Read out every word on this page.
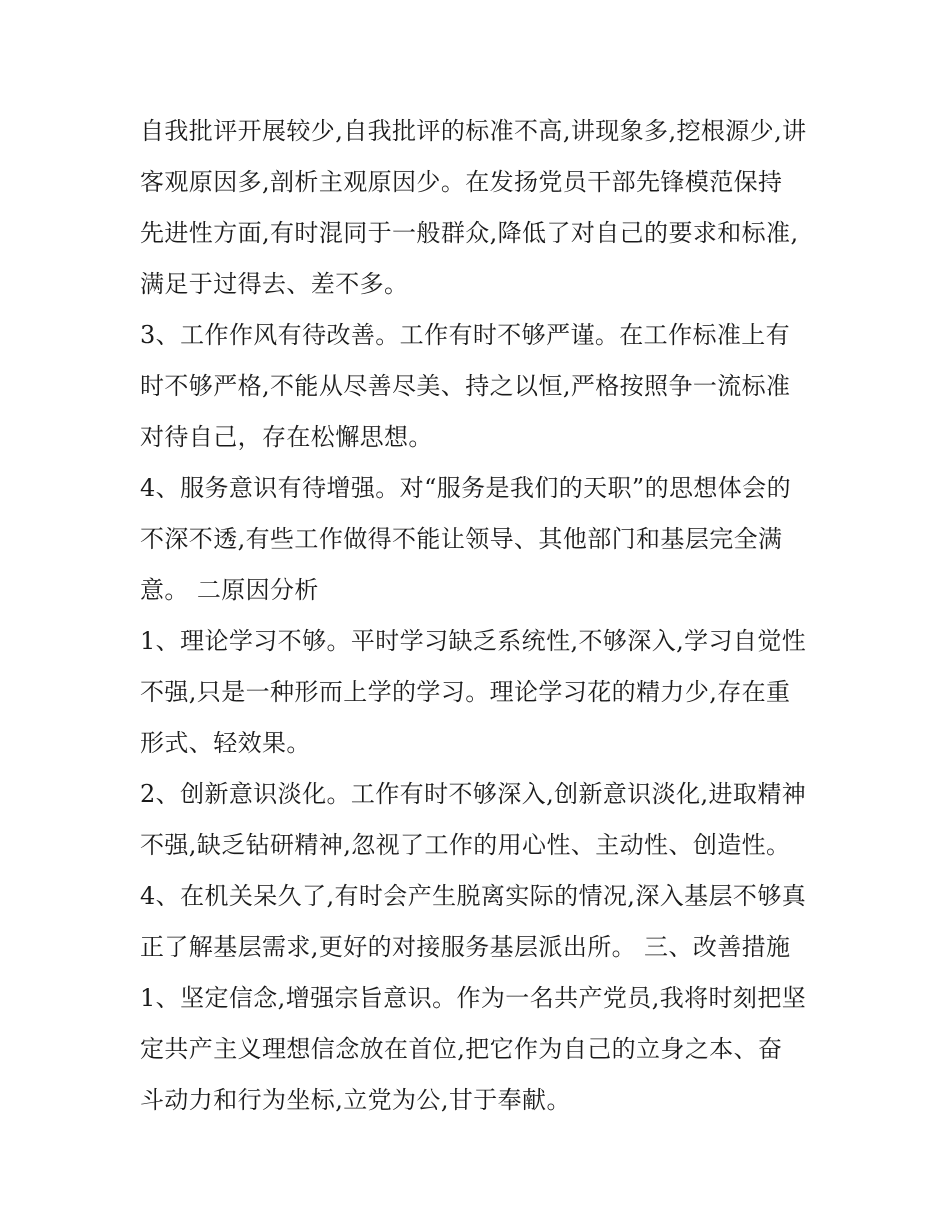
自我批评开展较少,自我批评的标准不高,讲现象多,挖根源少,讲
客观原因多,剖析主观原因少。在发扬党员干部先锋模范保持
先进性方面,有时混同于一般群众,降低了对自己的要求和标准,
满足于过得去、差不多。
3、工作作风有待改善。工作有时不够严谨。在工作标准上有
时不够严格,不能从尽善尽美、持之以恒,严格按照争一流标准
对待自己，存在松懈思想。
4、服务意识有待增强。对“服务是我们的天职”的思想体会的
不深不透,有些工作做得不能让领导、其他部门和基层完全满
意。 二原因分析
1、理论学习不够。平时学习缺乏系统性,不够深入,学习自觉性
不强,只是一种形而上学的学习。理论学习花的精力少,存在重
形式、轻效果。
2、创新意识淡化。工作有时不够深入,创新意识淡化,进取精神
不强,缺乏钻研精神,忽视了工作的用心性、主动性、创造性。
4、在机关呆久了,有时会产生脱离实际的情况,深入基层不够真
正了解基层需求,更好的对接服务基层派出所。 三、改善措施
1、坚定信念,增强宗旨意识。作为一名共产党员,我将时刻把坚
定共产主义理想信念放在首位,把它作为自己的立身之本、奋
斗动力和行为坐标,立党为公,甘于奉献。
